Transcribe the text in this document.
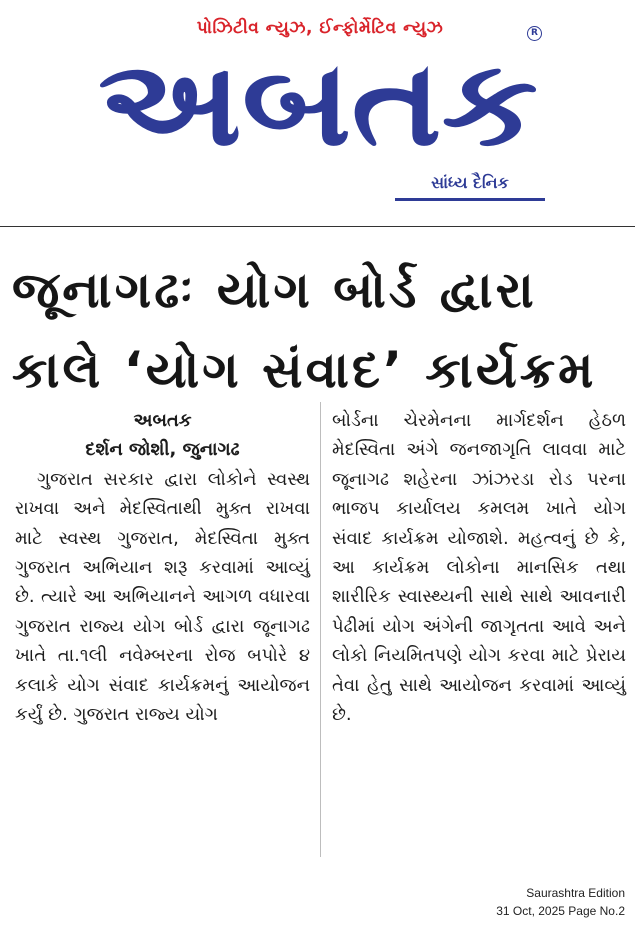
પોઝિટીવ ન્યુઝ, ઈન્ફોર્મેટિવ ન્યુઝ	R
અબતક
સાંધ્ય દૈનિક
જૂનાગઢઃ યોગ બોર્ડ દ્વારા
કાલે ‘યોગ સંવાદ’ કાર્યક્રમ
અબતક
દર્શન જોશી, જુનાગઢ
ગુજરાત સરકાર દ્વારા લોકોને સ્વસ્થ રાખવા અને મેદસ્વિતાથી મુક્ત રાખવા માટે સ્વસ્થ ગુજરાત, મેદસ્વિતા મુક્ત ગુજરાત અભિયાન શરૂ કરવામાં આવ્યું છે. ત્યારે આ અભિયાનને આગળ વધારવા ગુજરાત રાજ્ય યોગ બોર્ડ દ્વારા જૂનાગઢ ખાતે તા.૧લી નવેમ્બરના રોજ બપોરે ૪ કલાકે યોગ સંવાદ કાર્યક્રમનું આયોજન કર્યું છે. ગુજરાત રાજ્ય યોગ
બોર્ડના ચેરમેનના માર્ગદર્શન હેઠળ મેદસ્વિતા અંગે જનજાગૃતિ લાવવા માટે જૂનાગઢ શહેરના ઝાંઝરડા રોડ પરના ભાજપ કાર્યાલય કમલમ ખાતે યોગ સંવાદ કાર્યક્રમ યોજાશે. મહત્વનું છે કે, આ કાર્યક્રમ લોકોના માનસિક તથા શારીરિક સ્વાસ્થ્યની સાથે સાથે આવનારી પેઢીમાં યોગ અંગેની જાગૃતતા આવે અને લોકો નિયમિતપણે યોગ કરવા માટે પ્રેરાય તેવા હેતુ સાથે આયોજન કરવામાં આવ્યું છે.
Saurashtra Edition
31 Oct, 2025 Page No.2
